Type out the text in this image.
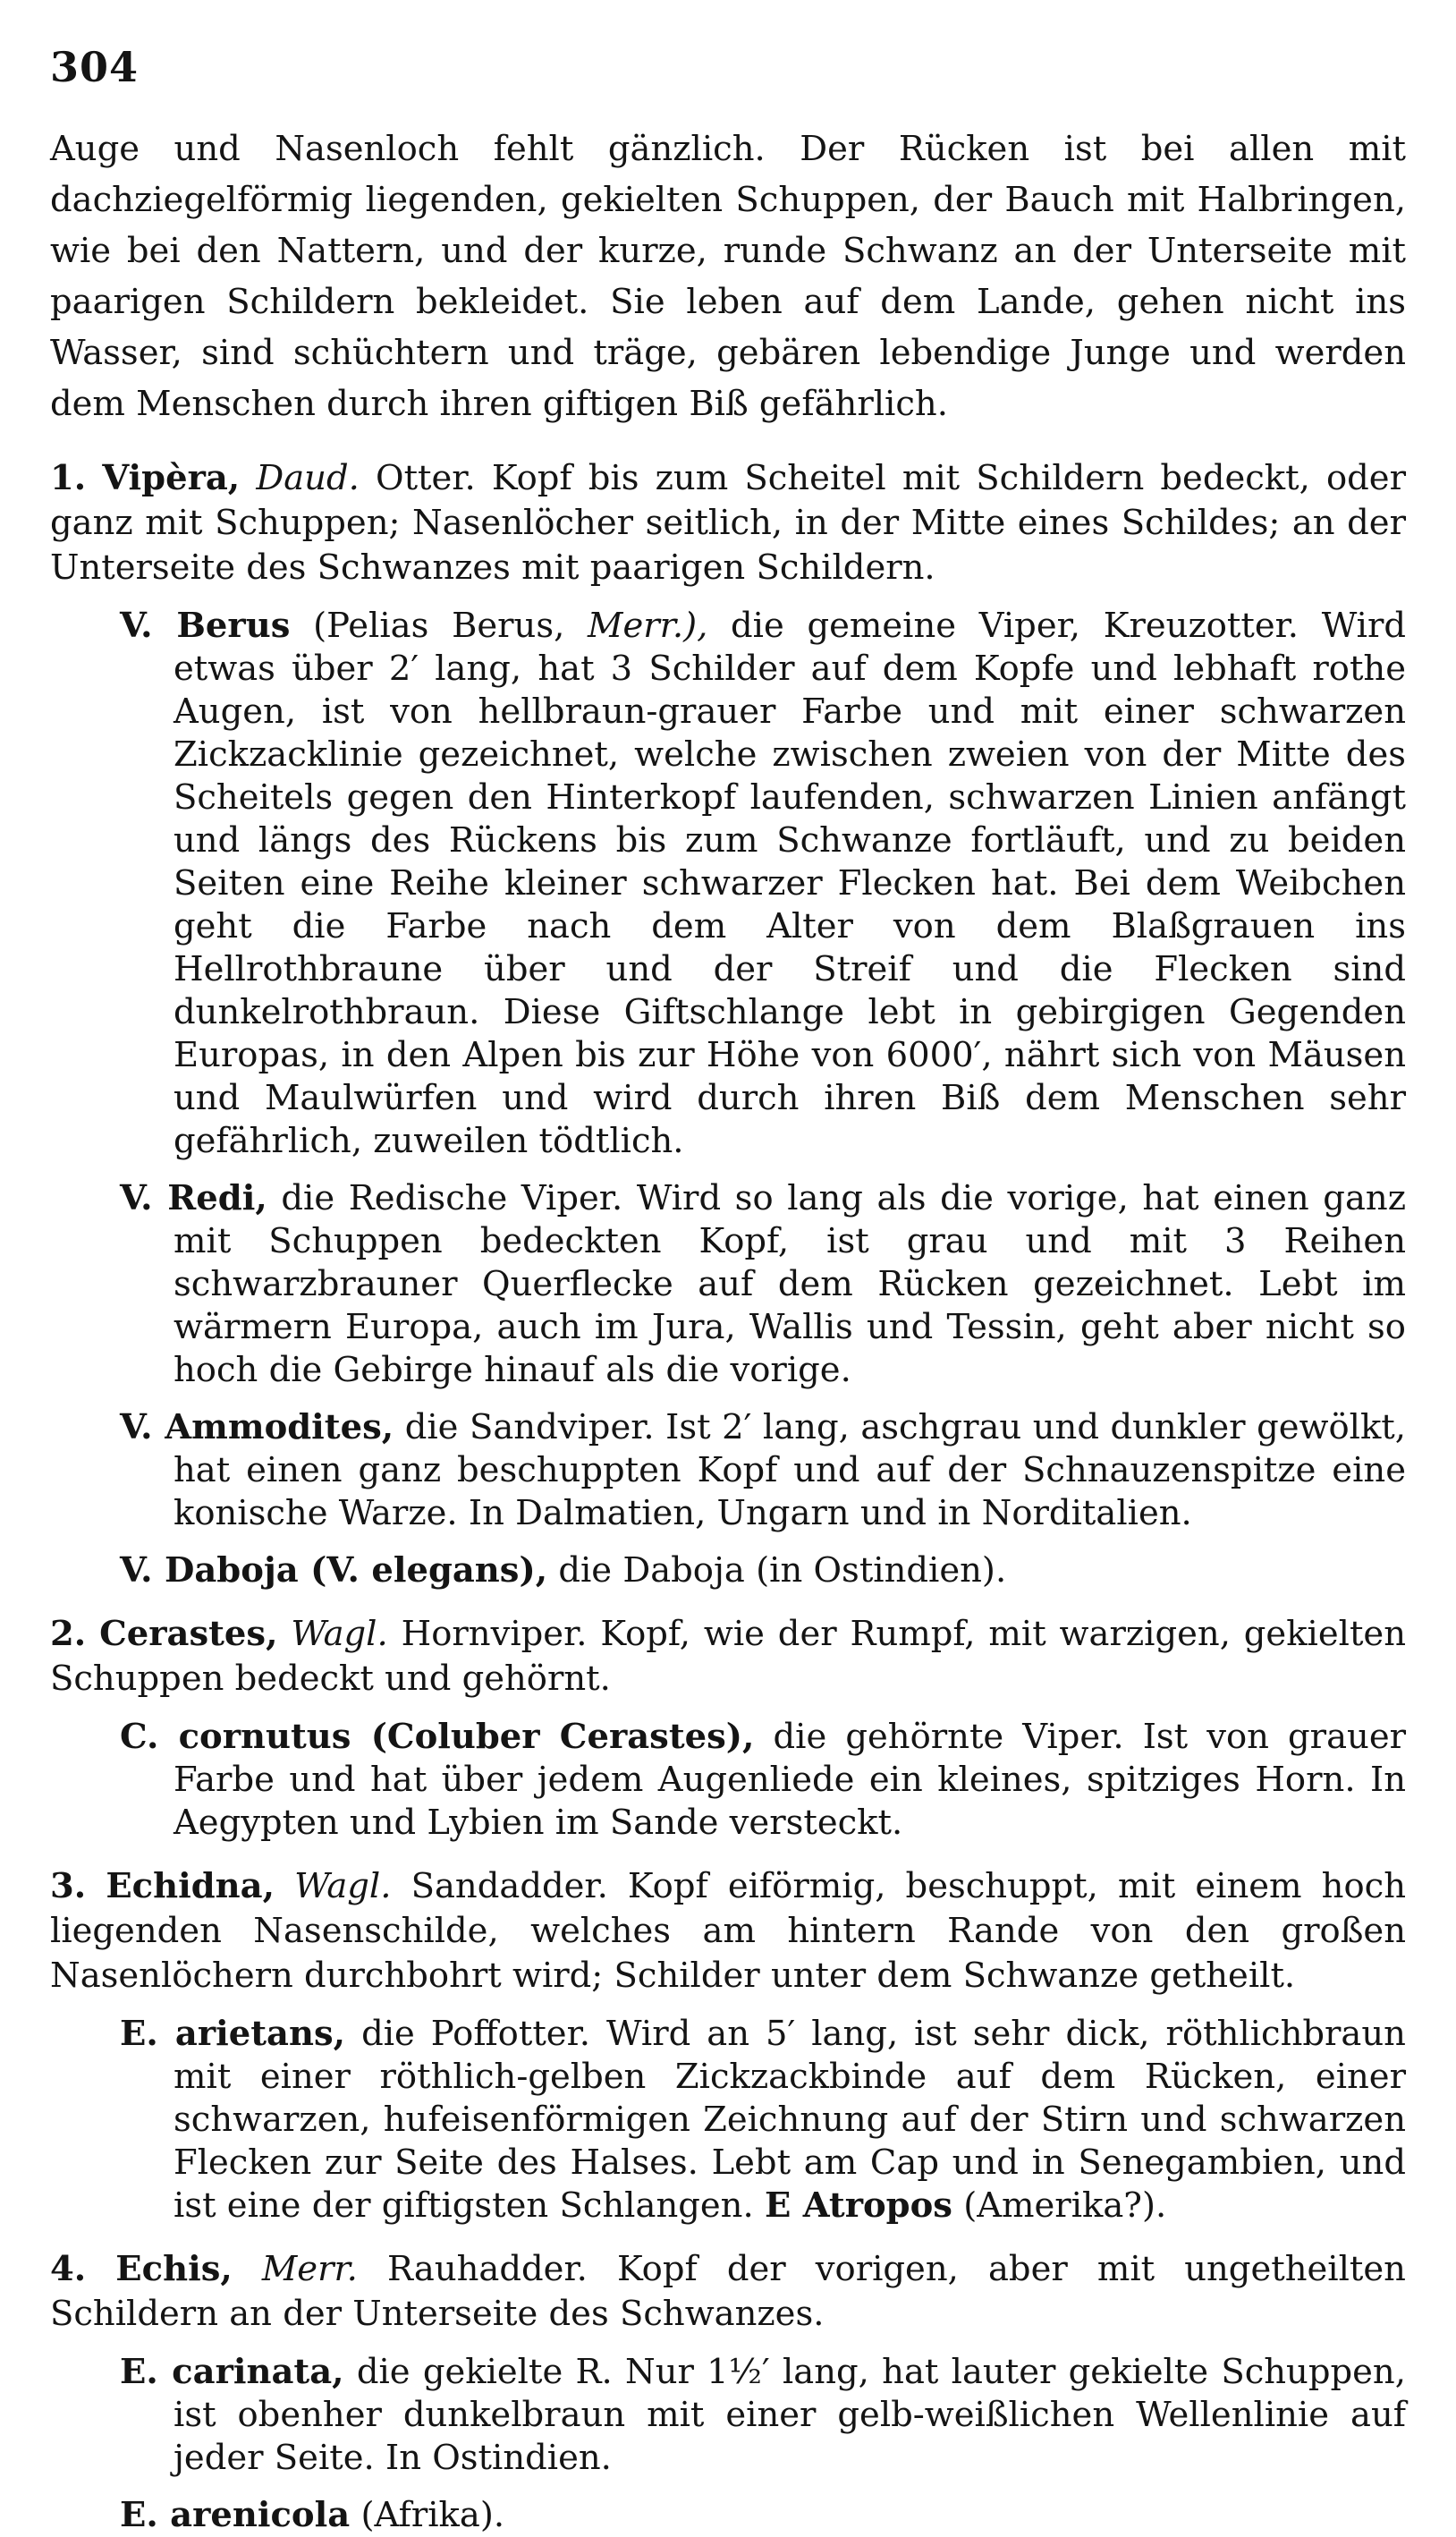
304

Auge und Nasenloch fehlt gänzlich. Der Rücken ist bei allen mit dachziegelförmig liegenden, gekielten Schuppen, der Bauch mit Halbringen, wie bei den Nattern, und der kurze, runde Schwanz an der Unterseite mit paarigen Schildern bekleidet. Sie leben auf dem Lande, gehen nicht ins Wasser, sind schüchtern und träge, gebären lebendige Junge und werden dem Menschen durch ihren giftigen Biß gefährlich.

1. Vipèra, Daud. Otter. Kopf bis zum Scheitel mit Schildern bedeckt, oder ganz mit Schuppen; Nasenlöcher seitlich, in der Mitte eines Schildes; an der Unterseite des Schwanzes mit paarigen Schildern.

V. Berus (Pelias Berus, Merr.), die gemeine Viper, Kreuzotter. Wird etwas über 2′ lang, hat 3 Schilder auf dem Kopfe und lebhaft rothe Augen, ist von hellbraun-grauer Farbe und mit einer schwarzen Zickzacklinie gezeichnet, welche zwischen zweien von der Mitte des Scheitels gegen den Hinterkopf laufenden, schwarzen Linien anfängt und längs des Rückens bis zum Schwanze fortläuft, und zu beiden Seiten eine Reihe kleiner schwarzer Flecken hat. Bei dem Weibchen geht die Farbe nach dem Alter von dem Blaßgrauen ins Hellrothbraune über und der Streif und die Flecken sind dunkelrothbraun. Diese Giftschlange lebt in gebirgigen Gegenden Europas, in den Alpen bis zur Höhe von 6000′, nährt sich von Mäusen und Maulwürfen und wird durch ihren Biß dem Menschen sehr gefährlich, zuweilen tödtlich.

V. Redi, die Redische Viper. Wird so lang als die vorige, hat einen ganz mit Schuppen bedeckten Kopf, ist grau und mit 3 Reihen schwarzbrauner Querflecke auf dem Rücken gezeichnet. Lebt im wärmern Europa, auch im Jura, Wallis und Tessin, geht aber nicht so hoch die Gebirge hinauf als die vorige.

V. Ammodites, die Sandviper. Ist 2′ lang, aschgrau und dunkler gewölkt, hat einen ganz beschuppten Kopf und auf der Schnauzenspitze eine konische Warze. In Dalmatien, Ungarn und in Norditalien.

V. Daboja (V. elegans), die Daboja (in Ostindien).

2. Cerastes, Wagl. Hornviper. Kopf, wie der Rumpf, mit warzigen, gekielten Schuppen bedeckt und gehörnt.

C. cornutus (Coluber Cerastes), die gehörnte Viper. Ist von grauer Farbe und hat über jedem Augenliede ein kleines, spitziges Horn. In Aegypten und Lybien im Sande versteckt.

3. Echidna, Wagl. Sandadder. Kopf eiförmig, beschuppt, mit einem hoch liegenden Nasenschilde, welches am hintern Rande von den großen Nasenlöchern durchbohrt wird; Schilder unter dem Schwanze getheilt.

E. arietans, die Poffotter. Wird an 5′ lang, ist sehr dick, röthlichbraun mit einer röthlich-gelben Zickzackbinde auf dem Rücken, einer schwarzen, hufeisenförmigen Zeichnung auf der Stirn und schwarzen Flecken zur Seite des Halses. Lebt am Cap und in Senegambien, und ist eine der giftigsten Schlangen. E Atropos (Amerika?).

4. Echis, Merr. Rauhadder. Kopf der vorigen, aber mit ungetheilten Schildern an der Unterseite des Schwanzes.

E. carinata, die gekielte R. Nur 1½′ lang, hat lauter gekielte Schuppen, ist obenher dunkelbraun mit einer gelb-weißlichen Wellenlinie auf jeder Seite. In Ostindien.

E. arenicola (Afrika).
